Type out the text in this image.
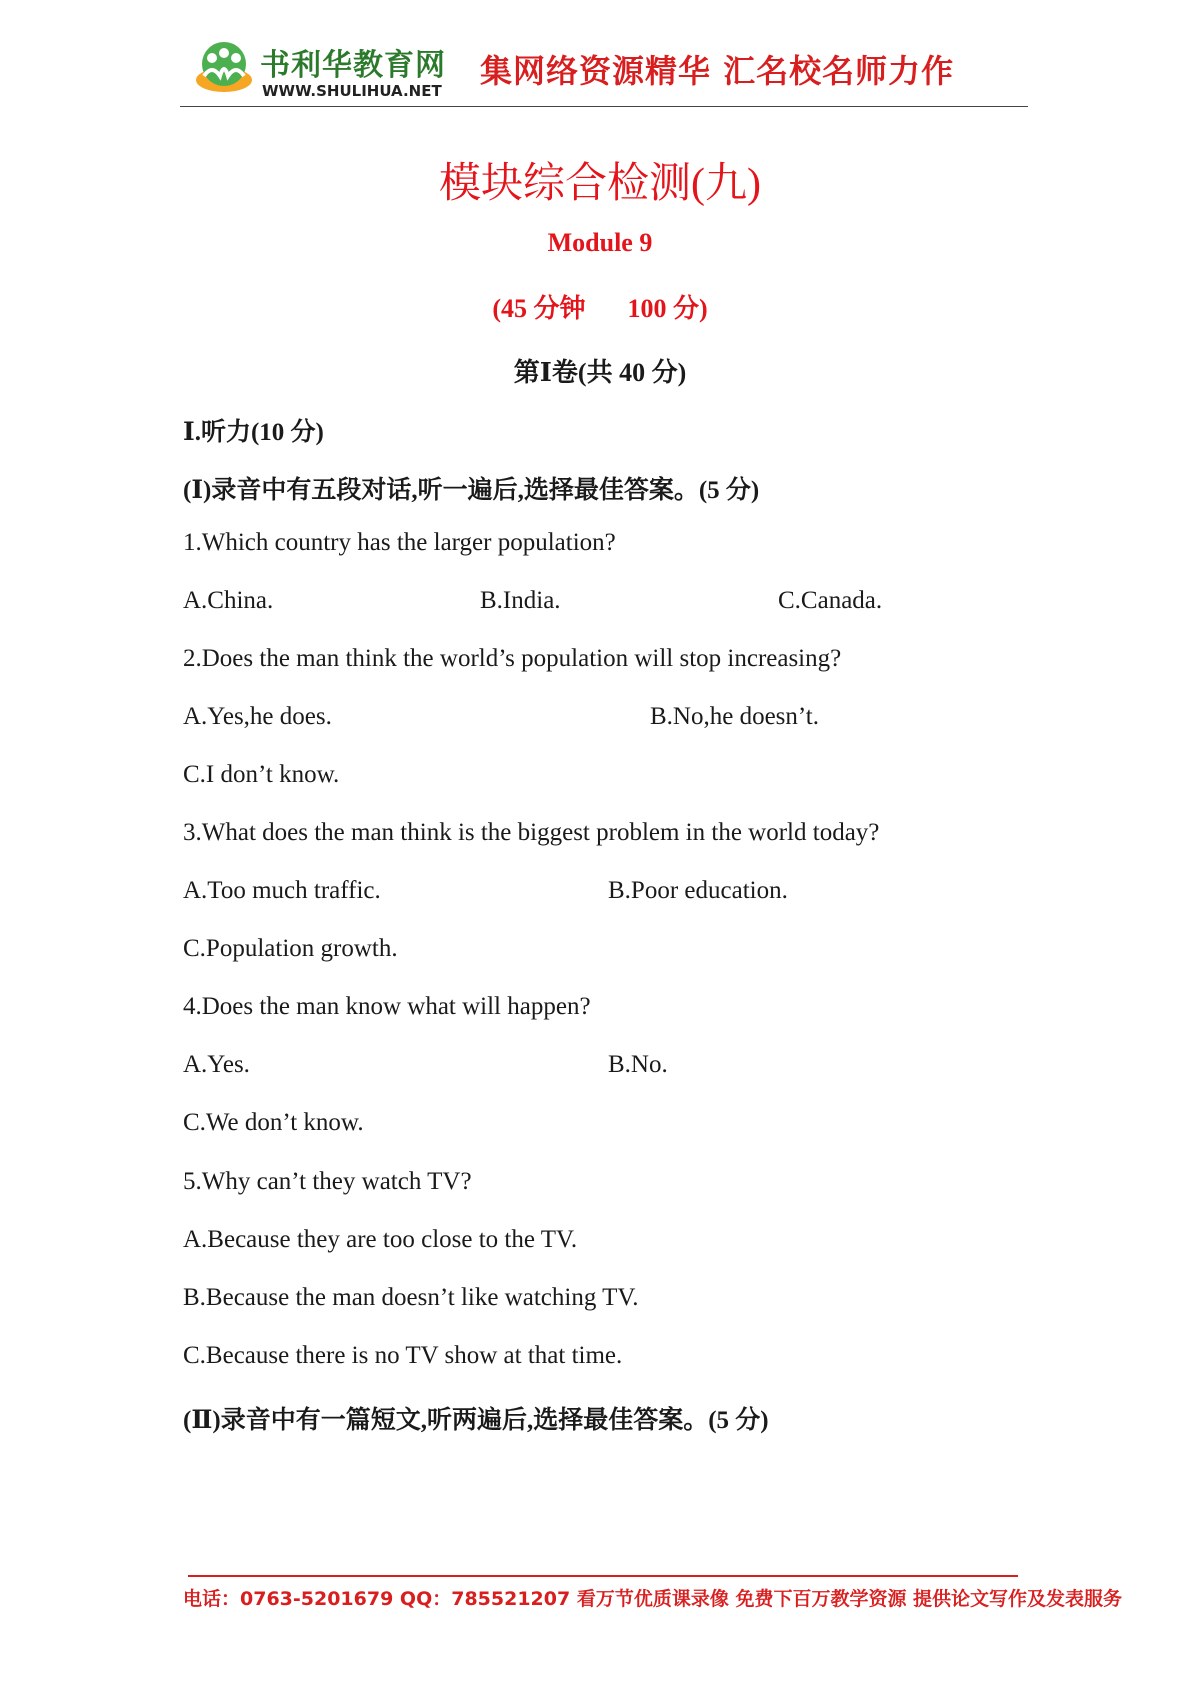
书利华教育网
WWW.SHULIHUA.NET
集网络资源精华 汇名校名师力作
模块综合检测(九)
Module 9
(45 分钟 100 分)
第Ⅰ卷(共 40 分)
Ⅰ.听力(10 分)
(Ⅰ)录音中有五段对话,听一遍后,选择最佳答案。(5 分)
1.Which country has the larger population?
A.China.	B.India.	C.Canada.
2.Does the man think the world’s population will stop increasing?
A.Yes,he does.	B.No,he doesn’t.
C.I don’t know.
3.What does the man think is the biggest problem in the world today?
A.Too much traffic.	B.Poor education.
C.Population growth.
4.Does the man know what will happen?
A.Yes.	B.No.
C.We don’t know.
5.Why can’t they watch TV?
A.Because they are too close to the TV.
B.Because the man doesn’t like watching TV.
C.Because there is no TV show at that time.
(Ⅱ)录音中有一篇短文,听两遍后,选择最佳答案。(5 分)
电话：0763-5201679 QQ：785521207 看万节优质课录像 免费下百万教学资源 提供论文写作及发表服务
